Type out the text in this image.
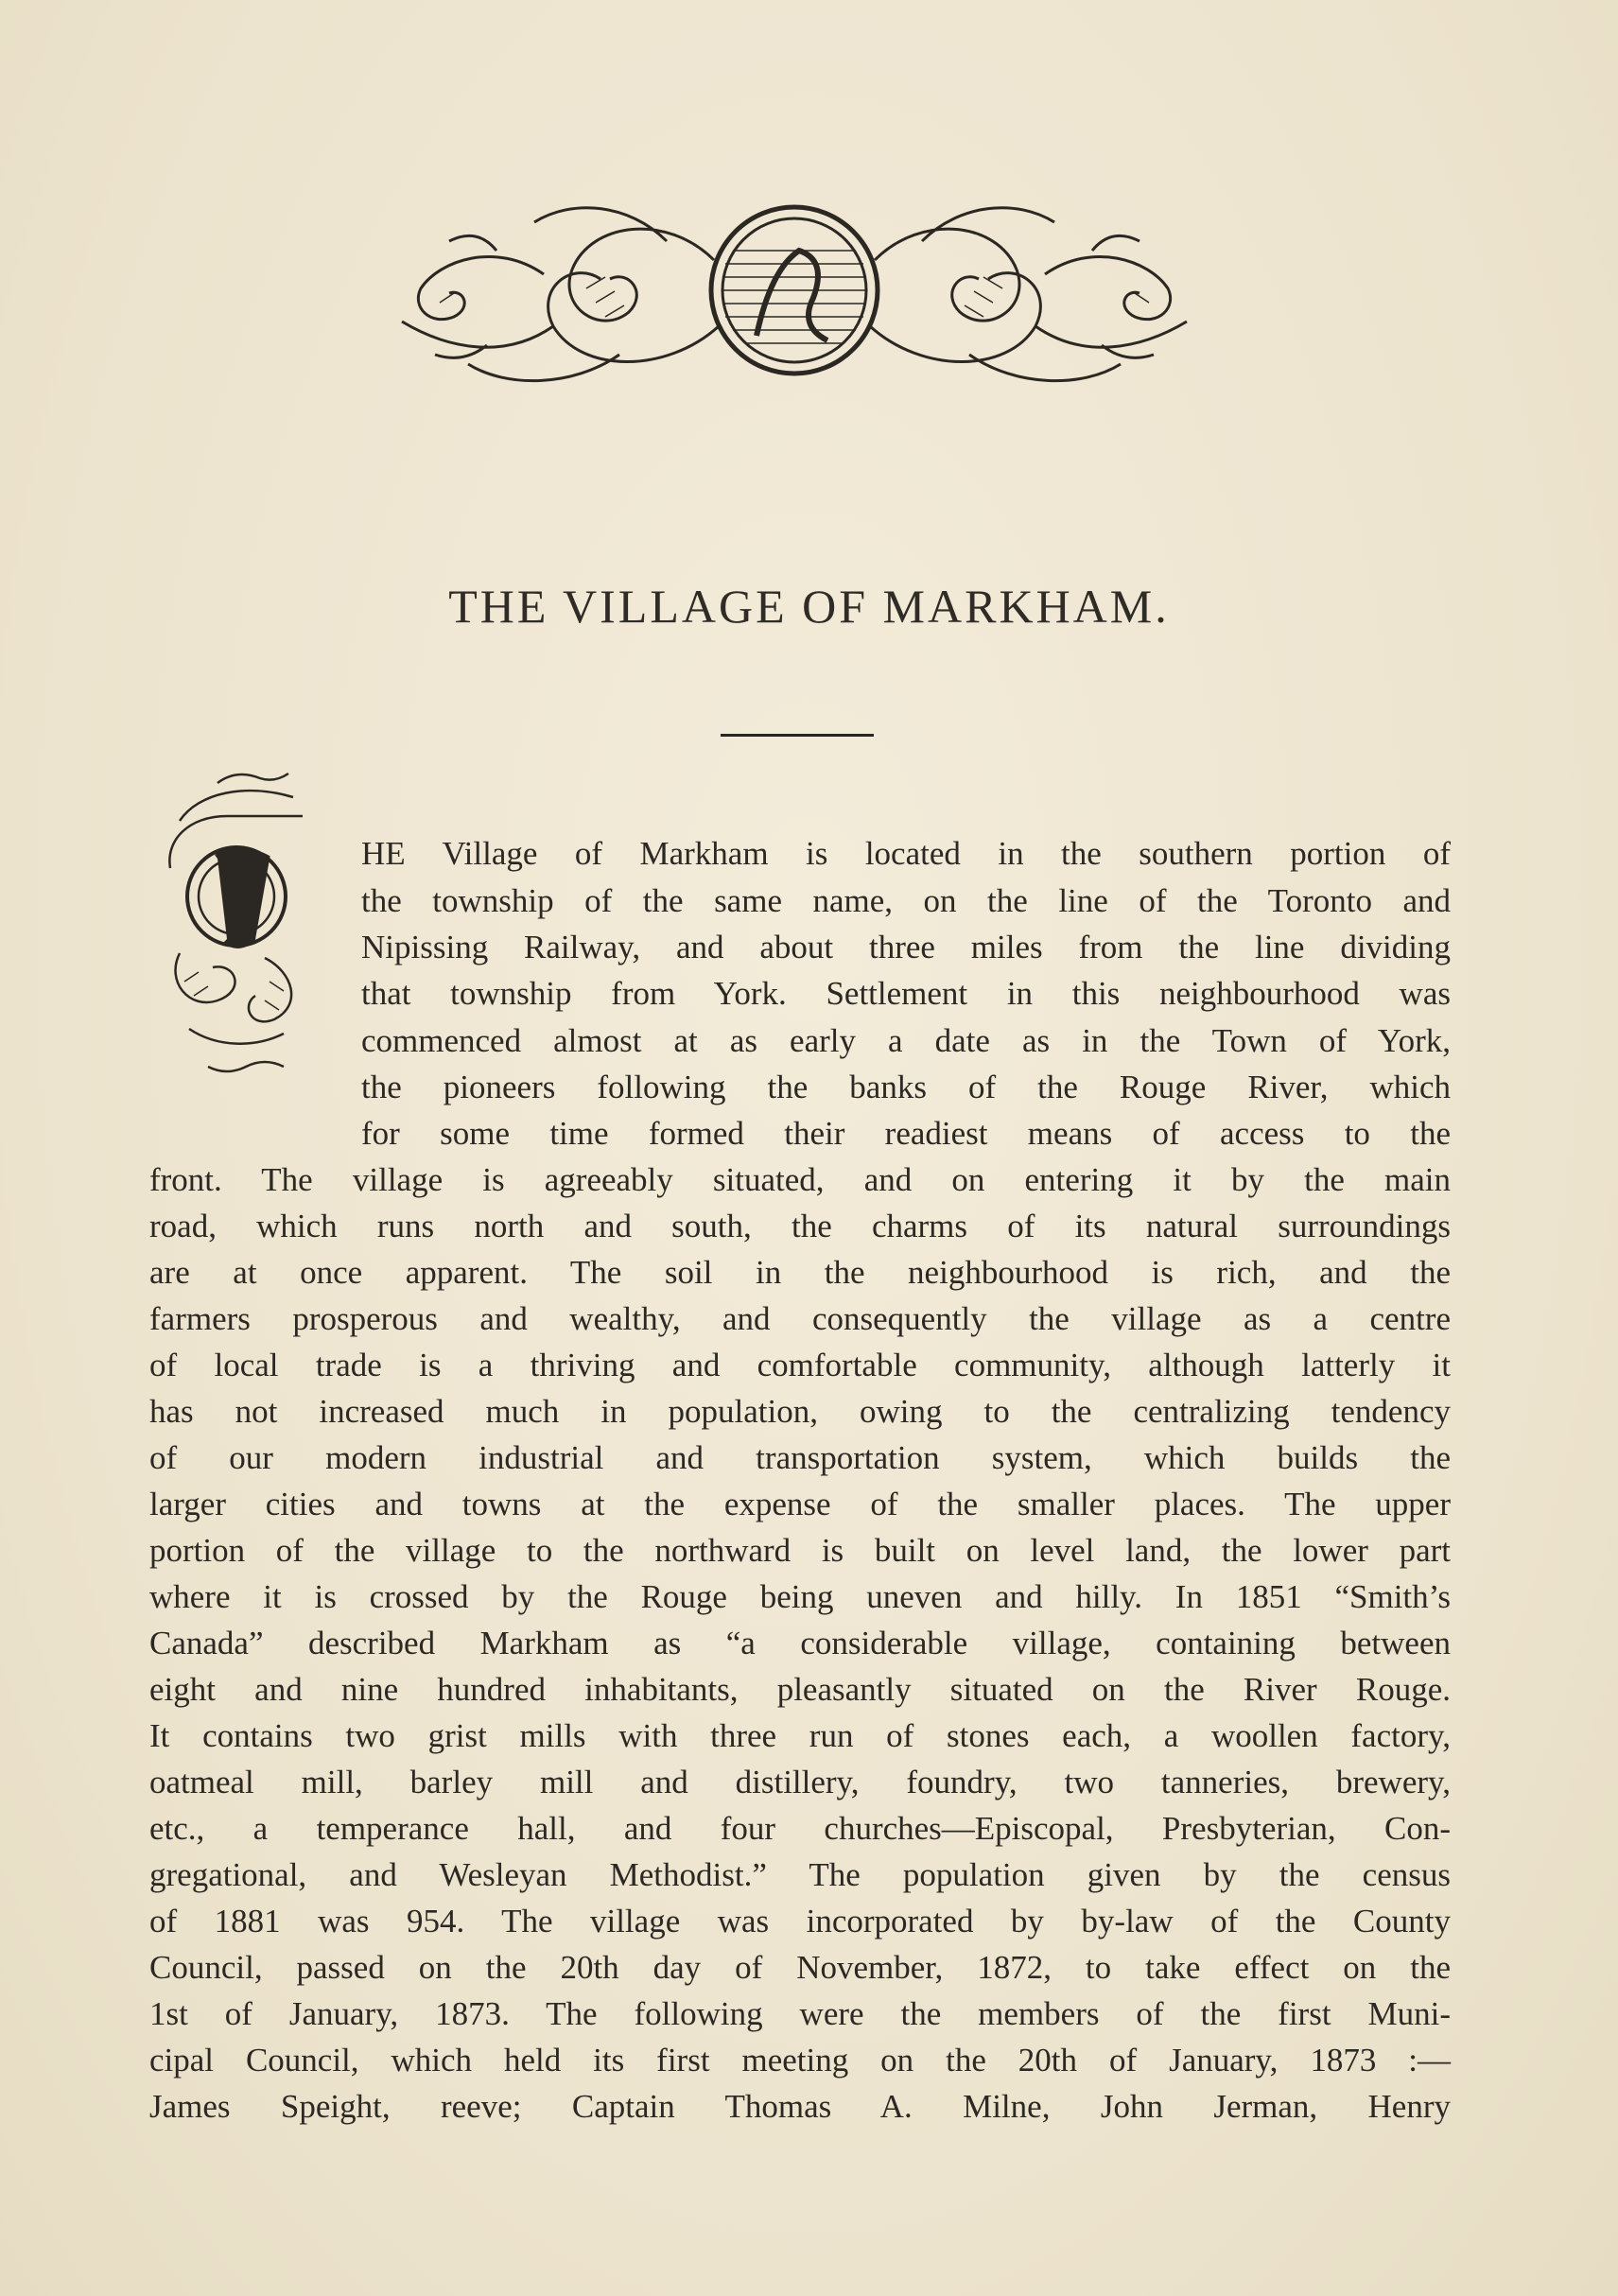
THE VILLAGE OF MARKHAM.
HE Village of Markham is located in the southern portion of
the township of the same name, on the line of the Toronto and
Nipissing Railway, and about three miles from the line dividing
that township from York. Settlement in this neighbourhood was
commenced almost at as early a date as in the Town of York,
the pioneers following the banks of the Rouge River, which
for some time formed their readiest means of access to the
front. The village is agreeably situated, and on entering it by the main
road, which runs north and south, the charms of its natural surroundings
are at once apparent. The soil in the neighbourhood is rich, and the
farmers prosperous and wealthy, and consequently the village as a centre
of local trade is a thriving and comfortable community, although latterly it
has not increased much in population, owing to the centralizing tendency
of our modern industrial and transportation system, which builds the
larger cities and towns at the expense of the smaller places. The upper
portion of the village to the northward is built on level land, the lower part
where it is crossed by the Rouge being uneven and hilly. In 1851 “Smith’s
Canada” described Markham as “a considerable village, containing between
eight and nine hundred inhabitants, pleasantly situated on the River Rouge.
It contains two grist mills with three run of stones each, a woollen factory,
oatmeal mill, barley mill and distillery, foundry, two tanneries, brewery,
etc., a temperance hall, and four churches—Episcopal, Presbyterian, Con-
gregational, and Wesleyan Methodist.” The population given by the census
of 1881 was 954. The village was incorporated by by-law of the County
Council, passed on the 20th day of November, 1872, to take effect on the
1st of January, 1873. The following were the members of the first Muni-
cipal Council, which held its first meeting on the 20th of January, 1873 :—
James Speight, reeve; Captain Thomas A. Milne, John Jerman, Henry
